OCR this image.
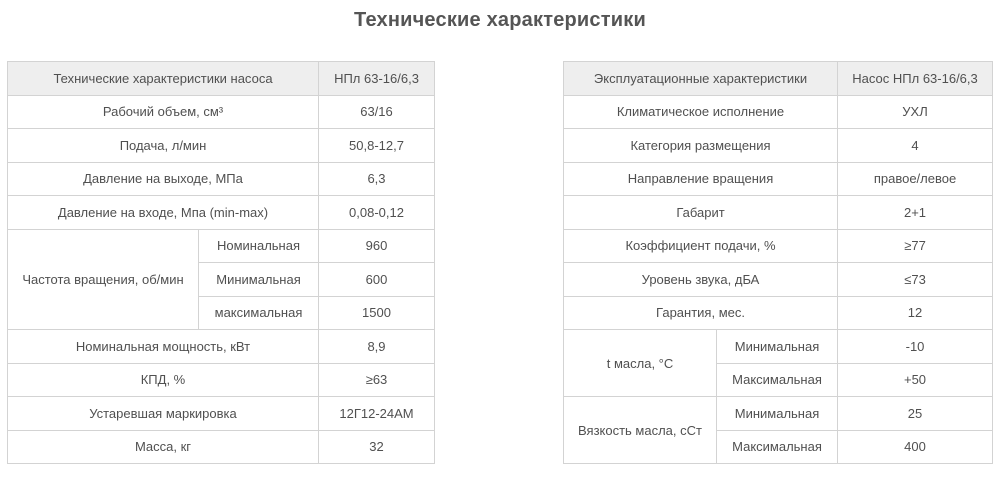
Технические характеристики
Технические характеристики насоса		НПл 63-16/6,3
Рабочий объем, см³		63/16
Подача, л/мин		50,8-12,7
Давление на выходе, МПа		6,3
Давление на входе, Мпа (min-max)		0,08-0,12
Частота вращения, об/мин	Номинальная	960
	Минимальная	600
	максимальная	1500
Номинальная мощность, кВт		8,9
КПД, %		≥63
Устаревшая маркировка		12Г12-24АМ
Масса, кг		32
Эксплуатационные характеристики		Насос НПл 63-16/6,3
Климатическое исполнение		УХЛ
Категория размещения		4
Направление вращения		правое/левое
Габарит		2+1
Коэффициент подачи, %		≥77
Уровень звука, дБА		≤73
Гарантия, мес.		12
t масла, °С	Минимальная	-10
	Максимальная	+50
Вязкость масла, сСт	Минимальная	25
	Максимальная	400
